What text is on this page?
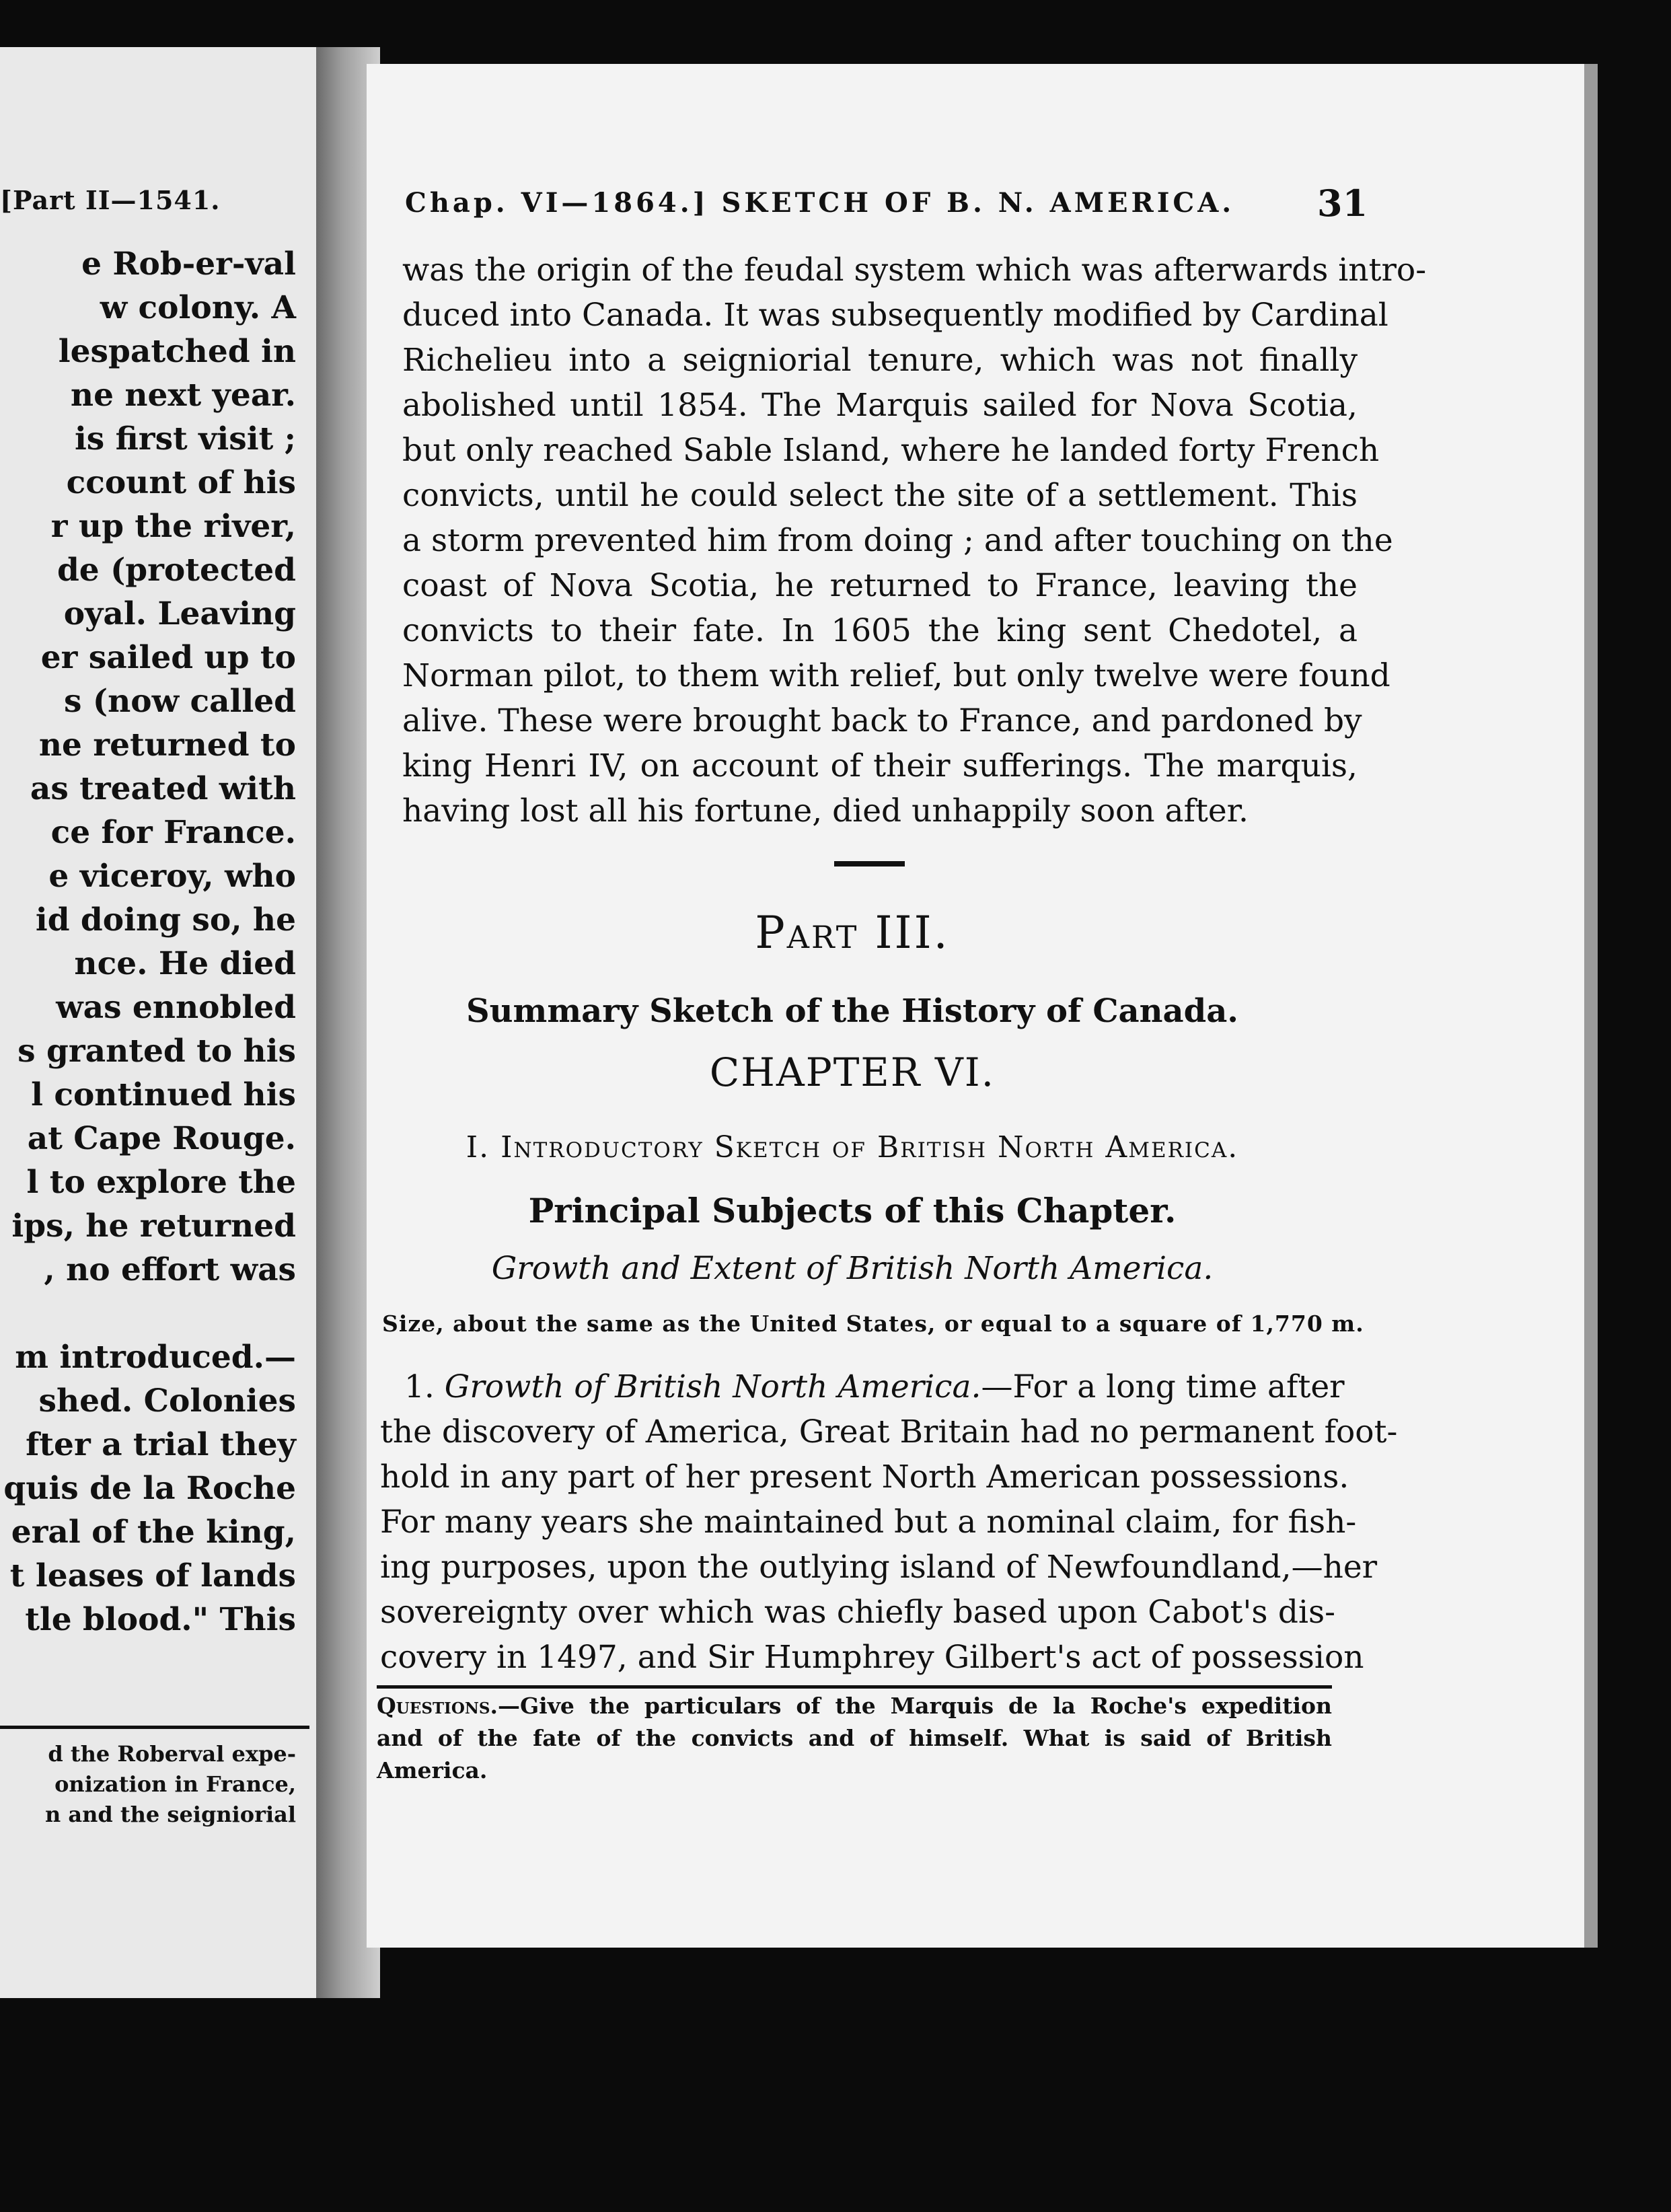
[Part II—1541.
e Rob-er-val
w colony. A
lespatched in
ne next year.
is first visit ;
ccount of his
r up the river,
de (protected
oyal. Leaving
er sailed up to
s (now called
ne returned to
as treated with
ce for France.
e viceroy, who
id doing so, he
nce. He died
was ennobled
s granted to his
l continued his
at Cape Rouge.
l to explore the
ips, he returned
, no effort was
m introduced.—
shed. Colonies
fter a trial they
quis de la Roche
eral of the king,
t leases of lands
tle blood." This
d the Roberval expe-
onization in France,
n and the seigniorial
Chap. VI—1864.] SKETCH OF B. N. AMERICA. 31
was the origin of the feudal system which was afterwards intro-
duced into Canada. It was subsequently modified by Cardinal
Richelieu into a seigniorial tenure, which was not finally
abolished until 1854. The Marquis sailed for Nova Scotia,
but only reached Sable Island, where he landed forty French
convicts, until he could select the site of a settlement. This
a storm prevented him from doing ; and after touching on the
coast of Nova Scotia, he returned to France, leaving the
convicts to their fate. In 1605 the king sent Chedotel, a
Norman pilot, to them with relief, but only twelve were found
alive. These were brought back to France, and pardoned by
king Henri IV, on account of their sufferings. The marquis,
having lost all his fortune, died unhappily soon after.
Part III.
Summary Sketch of the History of Canada.
CHAPTER VI.
I. Introductory Sketch of British North America.
Principal Subjects of this Chapter.
Growth and Extent of British North America.
Size, about the same as the United States, or equal to a square of 1,770 m.
1. Growth of British North America.—For a long time after
the discovery of America, Great Britain had no permanent foot-
hold in any part of her present North American possessions.
For many years she maintained but a nominal claim, for fish-
ing purposes, upon the outlying island of Newfoundland,—her
sovereignty over which was chiefly based upon Cabot's dis-
covery in 1497, and Sir Humphrey Gilbert's act of possession
Questions.—Give the particulars of the Marquis de la Roche's expedition
and of the fate of the convicts and of himself. What is said of British
America.
